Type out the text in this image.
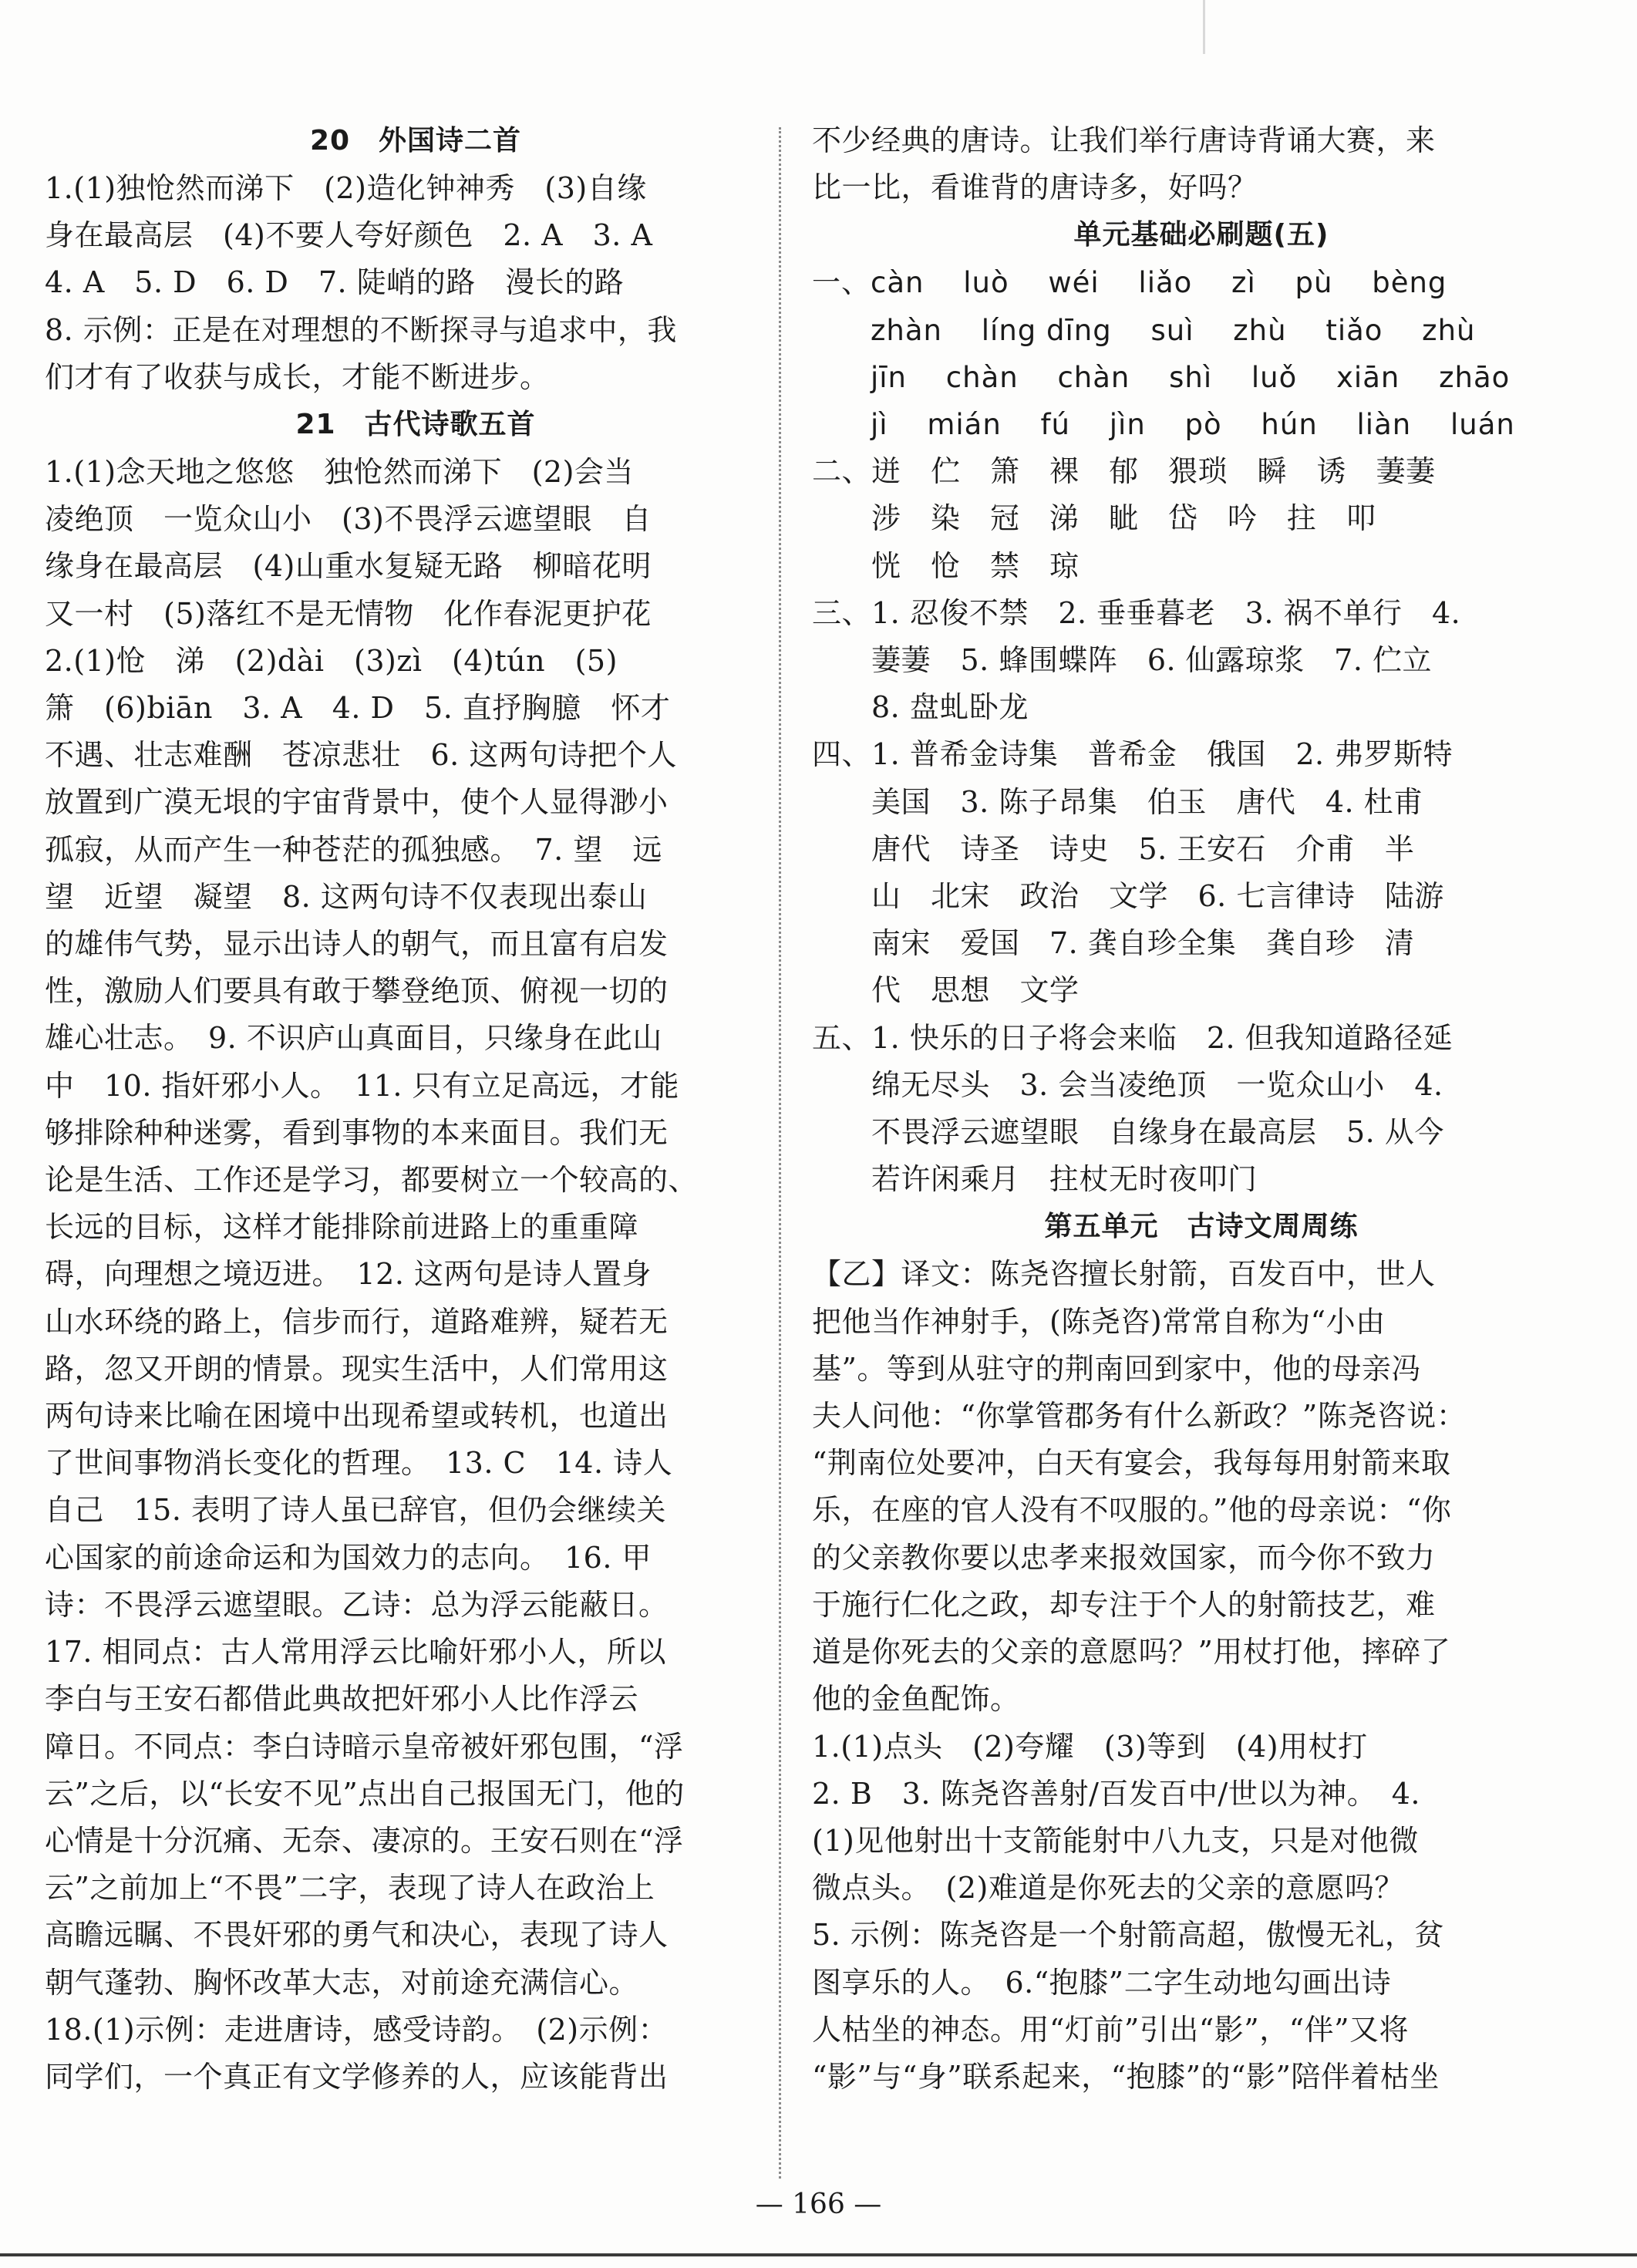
20　外国诗二首
1.(1)独怆然而涕下　(2)造化钟神秀　(3)自缘
身在最高层　(4)不要人夸好颜色　2. A　3. A
4. A　5. D　6. D　7. 陡峭的路　漫长的路
8. 示例：正是在对理想的不断探寻与追求中，我
们才有了收获与成长，才能不断进步。
21　古代诗歌五首
1.(1)念天地之悠悠　独怆然而涕下　(2)会当
凌绝顶　一览众山小　(3)不畏浮云遮望眼　自
缘身在最高层　(4)山重水复疑无路　柳暗花明
又一村　(5)落红不是无情物　化作春泥更护花
2.(1)怆　涕　(2)dài　(3)zì　(4)tún　(5)
箫　(6)biān　3. A　4. D　5. 直抒胸臆　怀才
不遇、壮志难酬　苍凉悲壮　6. 这两句诗把个人
放置到广漠无垠的宇宙背景中，使个人显得渺小
孤寂，从而产生一种苍茫的孤独感。　7. 望　远
望　近望　凝望　8. 这两句诗不仅表现出泰山
的雄伟气势，显示出诗人的朝气，而且富有启发
性，激励人们要具有敢于攀登绝顶、俯视一切的
雄心壮志。　9. 不识庐山真面目，只缘身在此山
中　10. 指奸邪小人。　11. 只有立足高远，才能
够排除种种迷雾，看到事物的本来面目。我们无
论是生活、工作还是学习，都要树立一个较高的、
长远的目标，这样才能排除前进路上的重重障
碍，向理想之境迈进。　12. 这两句是诗人置身
山水环绕的路上，信步而行，道路难辨，疑若无
路，忽又开朗的情景。现实生活中，人们常用这
两句诗来比喻在困境中出现希望或转机，也道出
了世间事物消长变化的哲理。　13. C　14. 诗人
自己　15. 表明了诗人虽已辞官，但仍会继续关
心国家的前途命运和为国效力的志向。　16. 甲
诗：不畏浮云遮望眼。乙诗：总为浮云能蔽日。
17. 相同点：古人常用浮云比喻奸邪小人，所以
李白与王安石都借此典故把奸邪小人比作浮云
障日。不同点：李白诗暗示皇帝被奸邪包围，“浮
云”之后，以“长安不见”点出自己报国无门，他的
心情是十分沉痛、无奈、凄凉的。王安石则在“浮
云”之前加上“不畏”二字，表现了诗人在政治上
高瞻远瞩、不畏奸邪的勇气和决心，表现了诗人
朝气蓬勃、胸怀改革大志，对前途充满信心。
18.(1)示例：走进唐诗，感受诗韵。　(2)示例：
同学们，一个真正有文学修养的人，应该能背出
不少经典的唐诗。让我们举行唐诗背诵大赛，来
比一比，看谁背的唐诗多，好吗？
单元基础必刷题(五)
一、càn　 luò　 wéi　 liǎo　 zì　 pù　 bèng
　　zhàn　 líng dīng　 suì　 zhù　 tiǎo　 zhù
　　jīn　 chàn　 chàn　 shì　 luǒ　 xiān　 zhāo
　　jì　 mián　 fú　 jìn　 pò　 hún　 liàn　 luán
二、迸　伫　箫　裸　郁　猥琐　瞬　诱　萋萋
　　涉　染　冠　涕　眦　岱　吟　拄　叩
　　恍　怆　禁　琼
三、1. 忍俊不禁　2. 垂垂暮老　3. 祸不单行　4.
　　萋萋　5. 蜂围蝶阵　6. 仙露琼浆　7. 伫立
　　8. 盘虬卧龙
四、1. 普希金诗集　普希金　俄国　2. 弗罗斯特
　　美国　3. 陈子昂集　伯玉　唐代　4. 杜甫
　　唐代　诗圣　诗史　5. 王安石　介甫　半
　　山　北宋　政治　文学　6. 七言律诗　陆游
　　南宋　爱国　7. 龚自珍全集　龚自珍　清
　　代　思想　文学
五、1. 快乐的日子将会来临　2. 但我知道路径延
　　绵无尽头　3. 会当凌绝顶　一览众山小　4.
　　不畏浮云遮望眼　自缘身在最高层　5. 从今
　　若许闲乘月　拄杖无时夜叩门
第五单元　古诗文周周练
【乙】译文：陈尧咨擅长射箭，百发百中，世人
把他当作神射手，(陈尧咨)常常自称为“小由
基”。等到从驻守的荆南回到家中，他的母亲冯
夫人问他：“你掌管郡务有什么新政？”陈尧咨说：
“荆南位处要冲，白天有宴会，我每每用射箭来取
乐，在座的官人没有不叹服的。”他的母亲说：“你
的父亲教你要以忠孝来报效国家，而今你不致力
于施行仁化之政，却专注于个人的射箭技艺，难
道是你死去的父亲的意愿吗？”用杖打他，摔碎了
他的金鱼配饰。
1.(1)点头　(2)夸耀　(3)等到　(4)用杖打
2. B　3. 陈尧咨善射/百发百中/世以为神。　4.
(1)见他射出十支箭能射中八九支，只是对他微
微点头。　(2)难道是你死去的父亲的意愿吗？
5. 示例：陈尧咨是一个射箭高超，傲慢无礼，贫
图享乐的人。　6.“抱膝”二字生动地勾画出诗
人枯坐的神态。用“灯前”引出“影”，“伴”又将
“影”与“身”联系起来，“抱膝”的“影”陪伴着枯坐
— 166 —
